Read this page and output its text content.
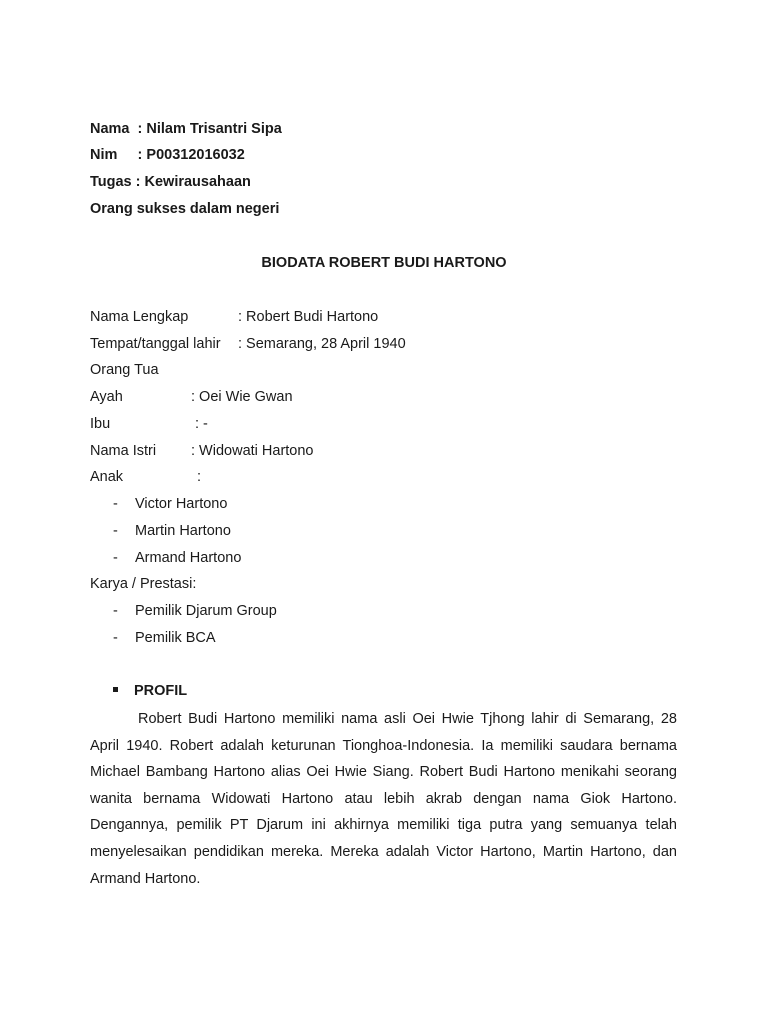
Nama  : Nilam Trisantri Sipa
Nim     : P00312016032
Tugas : Kewirausahaan
Orang sukses dalam negeri
BIODATA ROBERT BUDI HARTONO
Nama Lengkap	: Robert Budi Hartono
Tempat/tanggal lahir : Semarang, 28 April 1940
Orang Tua
Ayah	: Oei Wie Gwan
Ibu	: -
Nama Istri : Widowati Hartono
Anak	:
- Victor Hartono
- Martin Hartono
- Armand Hartono
Karya / Prestasi:
- Pemilik Djarum Group
- Pemilik BCA
PROFIL
Robert Budi Hartono memiliki nama asli Oei Hwie Tjhong lahir di Semarang, 28 April 1940. Robert adalah keturunan Tionghoa-Indonesia. Ia memiliki saudara bernama Michael Bambang Hartono alias Oei Hwie Siang. Robert Budi Hartono menikahi seorang wanita bernama Widowati Hartono atau lebih akrab dengan nama Giok Hartono. Dengannya, pemilik PT Djarum ini akhirnya memiliki tiga putra yang semuanya telah menyelesaikan pendidikan mereka. Mereka adalah Victor Hartono, Martin Hartono, dan Armand Hartono.
